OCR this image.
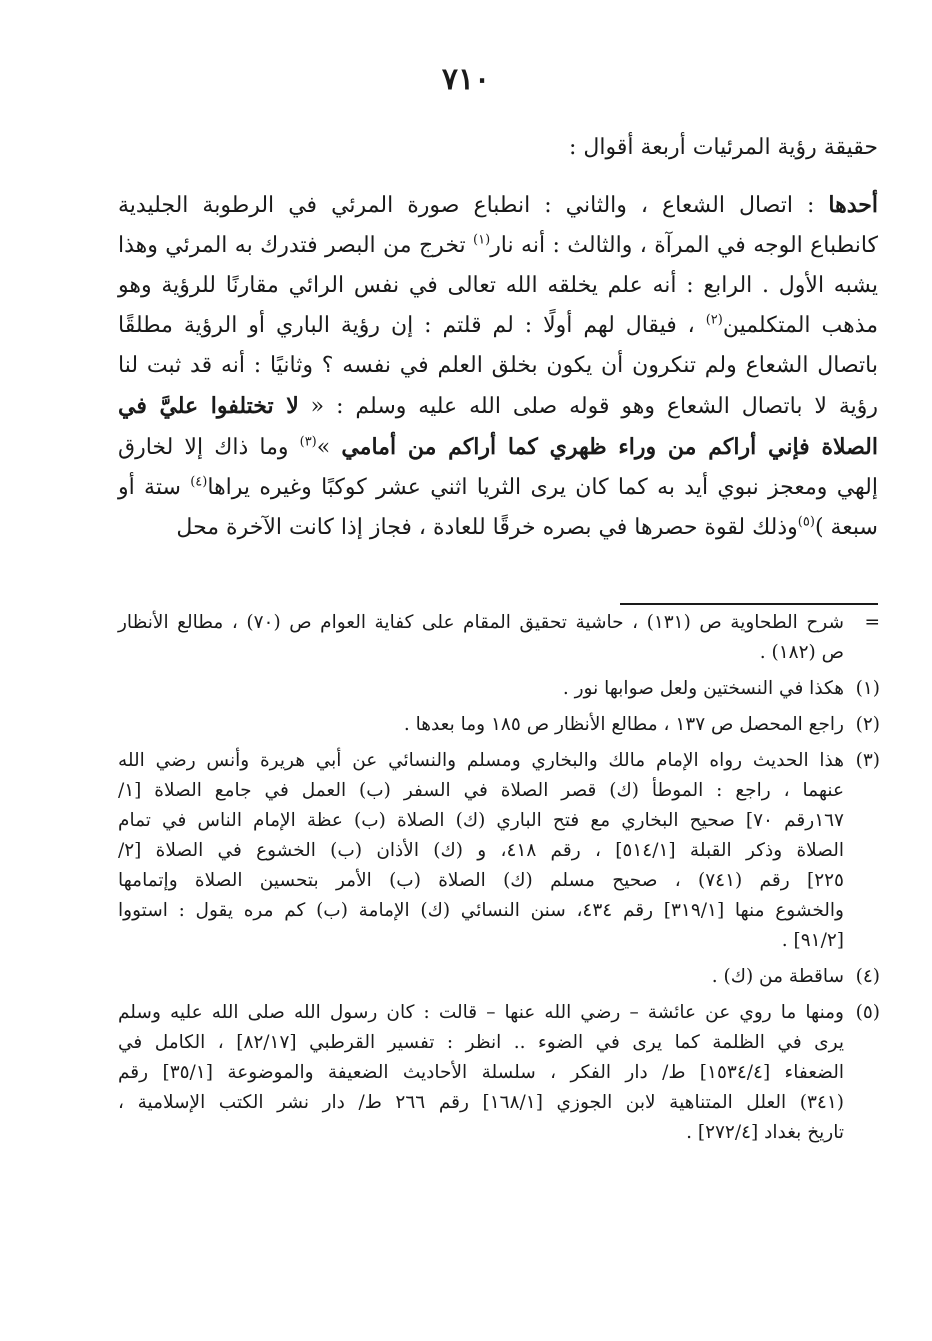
٧١٠
حقيقة رؤية المرئيات أربعة أقوال :

أحدها : اتصال الشعاع ، والثاني : انطباع صورة المرئي في الرطوبة الجليدية

كانطباع الوجه في المرآة ، والثالث : أنه نار$^{(١)}$ تخرج من البصر فتدرك به المرئي وهذا

يشبه الأول . الرابع : أنه علم يخلقه الله تعالى في نفس الرائي مقارنًا للرؤية وهو

مذهب المتكلمين$^{(٢)}$ ، فيقال لهم أولًا : لم قلتم : إن رؤية الباري أو الرؤية مطلقًا

باتصال الشعاع ولم تنكرون أن يكون بخلق العلم في نفسه ؟ وثانيًا : أنه قد ثبت لنا

رؤية لا باتصال الشعاع وهو قوله صلى الله عليه وسلم : « لا تختلفوا عليَّ في

الصلاة فإني أراكم من وراء ظهري كما أراكم من أمامي »$^{(٣)}$ وما ذاك إلا لخارق

إلهي ومعجز نبوي أيد به كما كان يرى الثريا اثني عشر كوكبًا وغيره يراها$^{(٤)}$ ستة أو

سبعة )$^{(٥)}$وذلك لقوة حصرها في بصره خرقًا للعادة ، فجاز إذا كانت الآخرة محل

=
شرح الطحاوية ص (١٣١) ، حاشية تحقيق المقام على كفاية العوام ص (٧٠) ، مطالع الأنظار
ص (١٨٢) .
(١)
هكذا في النسختين ولعل صوابها نور .
(٢)
راجع المحصل ص ١٣٧ ، مطالع الأنظار ص ١٨٥ وما بعدها .
(٣)
هذا الحديث رواه الإمام مالك والبخاري ومسلم والنسائي عن أبي هريرة وأنس رضي الله
عنهما ، راجع : الموطأ (ك) قصر الصلاة في السفر (ب) العمل في جامع الصلاة [١/
١٦٧رقم ٧٠] صحيح البخاري مع فتح الباري (ك) الصلاة (ب) عظة الإمام الناس في تمام
الصلاة وذكر القبلة [٥١٤/١] ، رقم ٤١٨، و (ك) الأذان (ب) الخشوع في الصلاة [٢/
٢٢٥] رقم (٧٤١) ، صحيح مسلم (ك) الصلاة (ب) الأمر بتحسين الصلاة وإتمامها
والخشوع منها [٣١٩/١] رقم ٤٣٤، سنن النسائي (ك) الإمامة (ب) كم مره يقول : استووا
[٩١/٢] .
(٤)
ساقطة من (ك) .
(٥)
ومنها ما روي عن عائشة – رضي الله عنها – قالت : كان رسول الله صلى الله عليه وسلم
يرى في الظلمة كما يرى في الضوء .. انظر : تفسير القرطبي [٨٢/١٧] ، الكامل في
الضعفاء [١٥٣٤/٤] ط/ دار الفكر ، سلسلة الأحاديث الضعيفة والموضوعة [٣٥/١] رقم
(٣٤١) العلل المتناهية لابن الجوزي [١٦٨/١] رقم ٢٦٦ ط/ دار نشر الكتب الإسلامية ،
تاريخ بغداد [٢٧٢/٤] .
